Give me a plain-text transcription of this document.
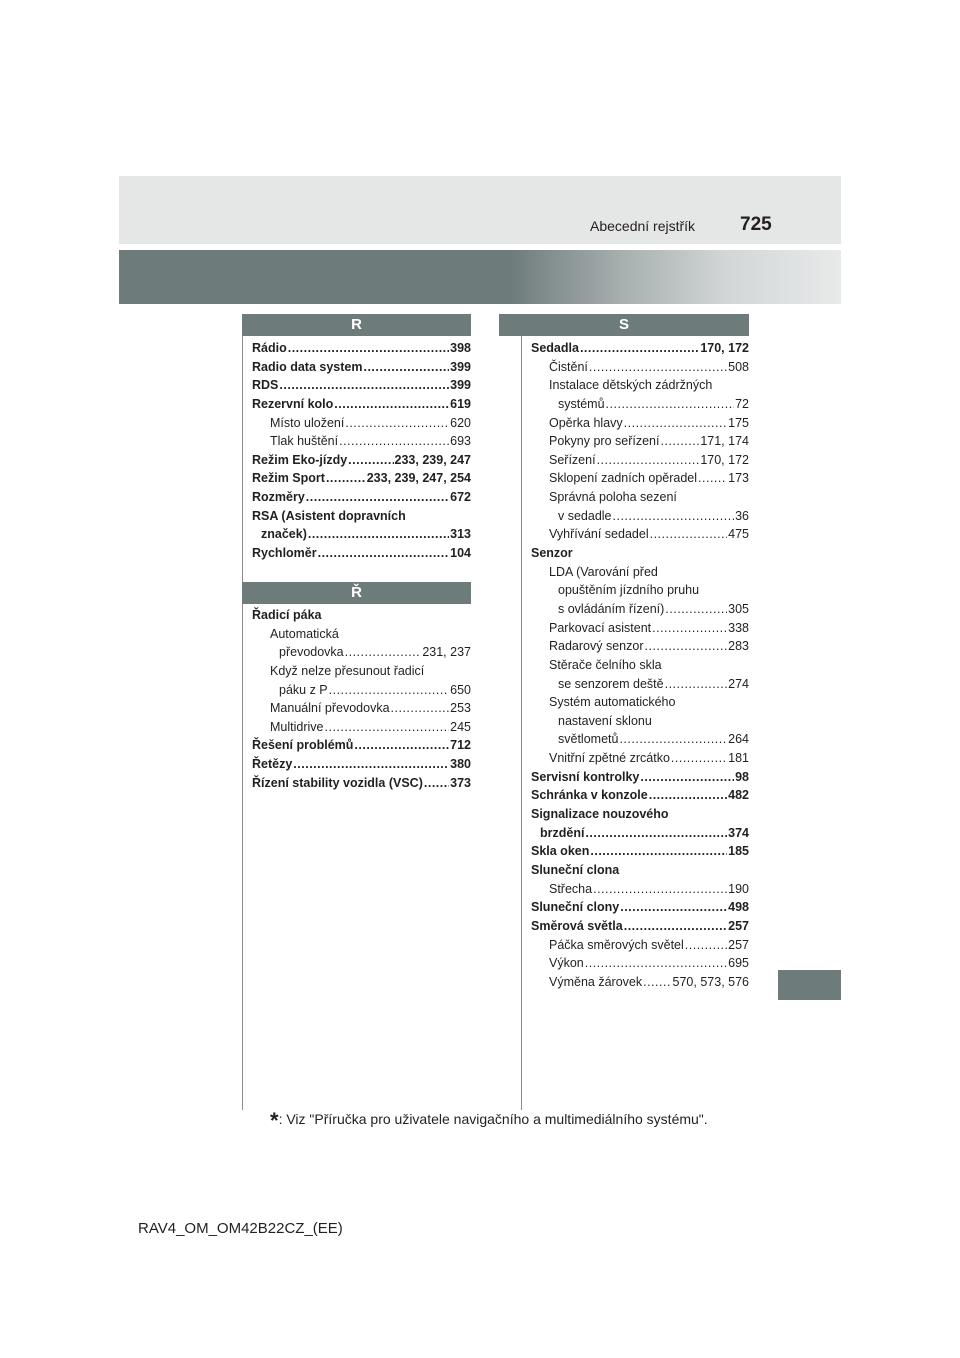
Abecední rejstřík 725
R
Rádio .....	398
Radio data system .....	399
RDS .....	399
Rezervní kolo .....	619
Místo uložení .....	620
Tlak huštění .....	693
Režim Eko-jízdy .....	233, 239, 247
Režim Sport .....	233, 239, 247, 254
Rozměry .....	672
RSA (Asistent dopravních
značek) .....	313
Rychloměr .....	104
Ř
Řadicí páka
Automatická
převodovka .....	231, 237
Když nelze přesunout řadicí
páku z P .....	650
Manuální převodovka .....	253
Multidrive .....	245
Řešení problémů .....	712
Řetězy .....	380
Řízení stability vozidla (VSC) ..... 373
S
Sedadla .....	170, 172
Čistění .....	508
Instalace dětských zádržných
systémů .....	72
Opěrka hlavy .....	175
Pokyny pro seřízení .....	171, 174
Seřízení .....	170, 172
Sklopení zadních opěradel ..... 173
Správná poloha sezení
v sedadle .....	36
Vyhřívání sedadel .....	475
Senzor
LDA (Varování před
opuštěním jízdního pruhu
s ovládáním řízení) .....	305
Parkovací asistent .....	338
Radarový senzor .....	283
Stěrače čelního skla
se senzorem deště .....	274
Systém automatického
nastavení sklonu
světlometů .....	264
Vnitřní zpětné zrcátko .....	181
Servisní kontrolky .....	98
Schránka v konzole .....	482
Signalizace nouzového
brzdění .....	374
Skla oken .....	185
Sluneční clona
Střecha .....	190
Sluneční clony .....	498
Směrová světla .....	257
Páčka směrových světel .....	257
Výkon .....	695
Výměna žárovek ..... 570, 573, 576
*: Viz "Příručka pro uživatele navigačního a multimediálního systému".
RAV4_OM_OM42B22CZ_(EE)
